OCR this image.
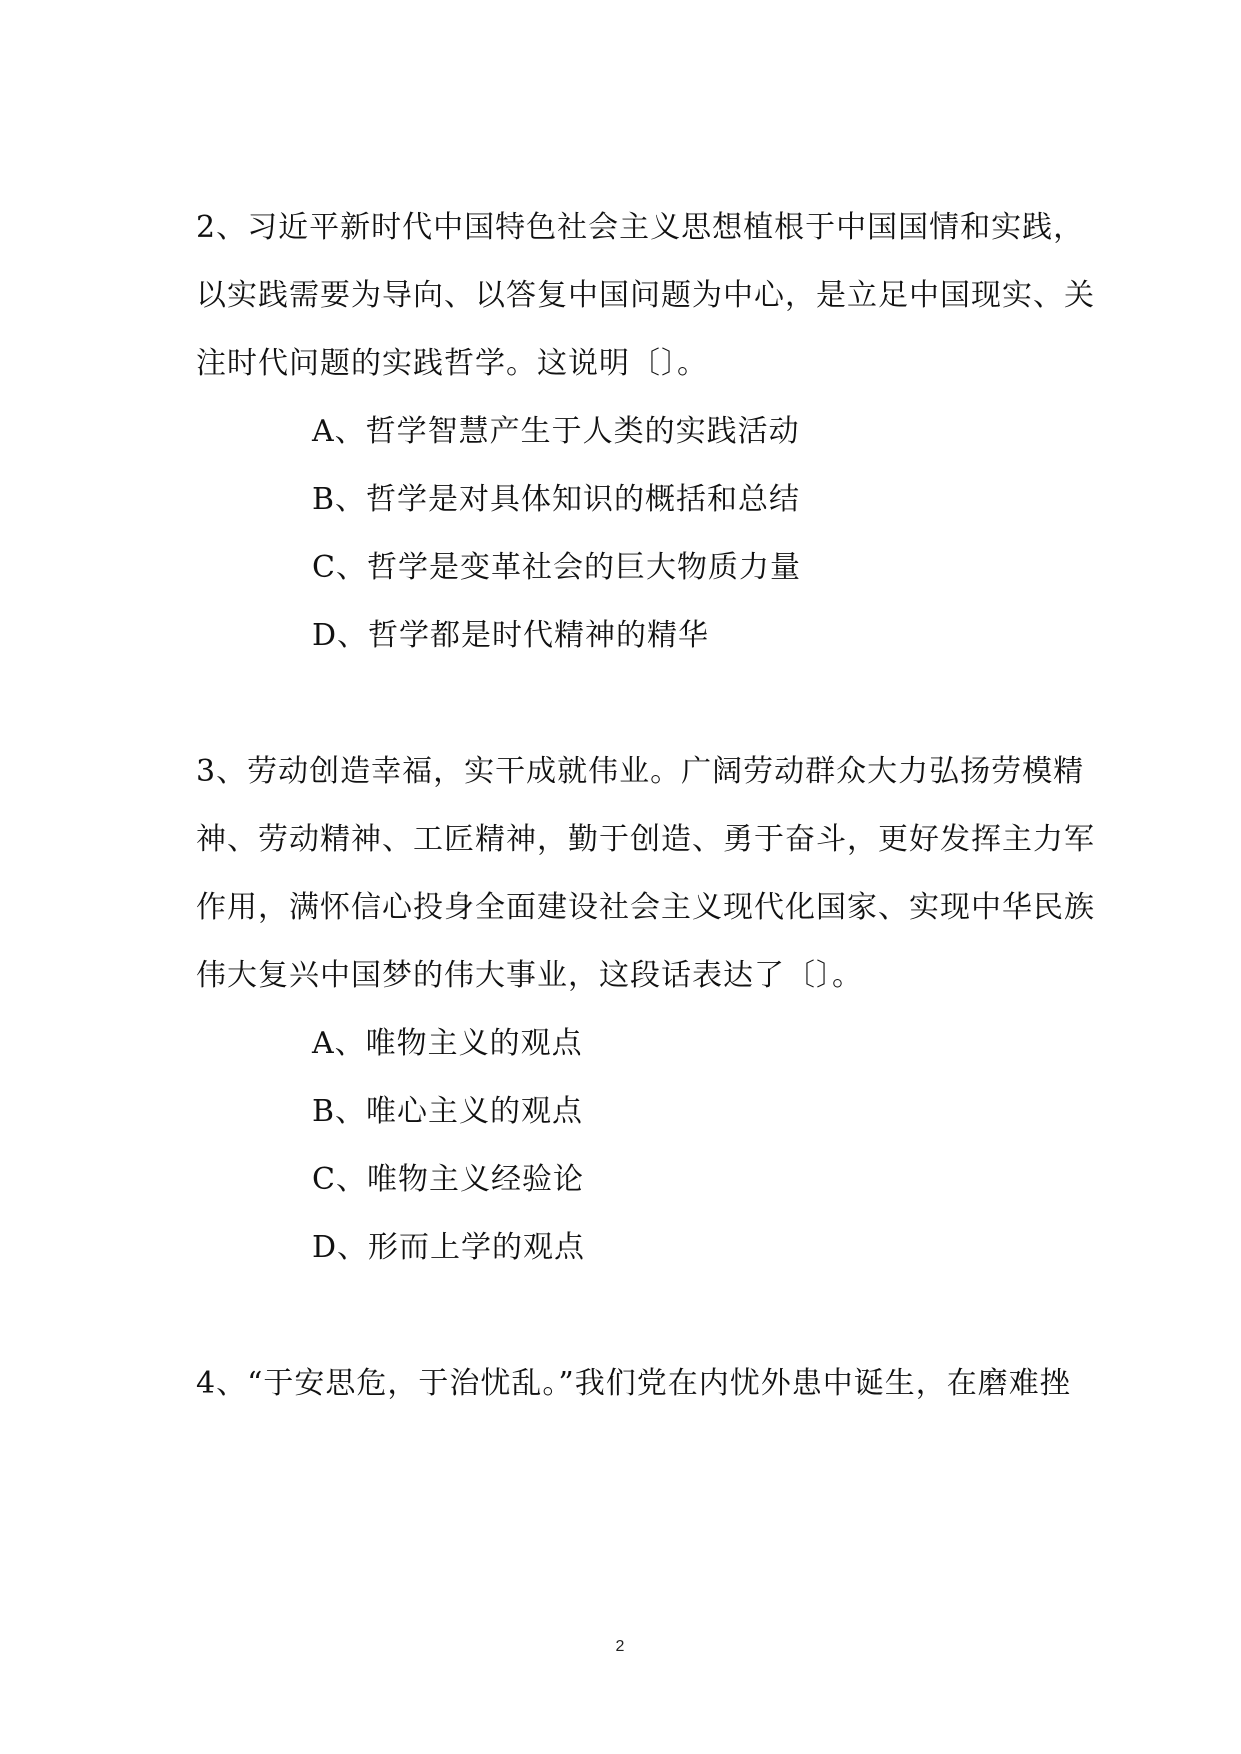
2、习近平新时代中国特色社会主义思想植根于中国国情和实践，
以实践需要为导向、以答复中国问题为中心，是立足中国现实、关
注时代问题的实践哲学。这说明〔〕。
A、哲学智慧产生于人类的实践活动
B、哲学是对具体知识的概括和总结
C、哲学是变革社会的巨大物质力量
D、哲学都是时代精神的精华
3、劳动创造幸福，实干成就伟业。广阔劳动群众大力弘扬劳模精
神、劳动精神、工匠精神，勤于创造、勇于奋斗，更好发挥主力军
作用，满怀信心投身全面建设社会主义现代化国家、实现中华民族
伟大复兴中国梦的伟大事业，这段话表达了〔〕。
A、唯物主义的观点
B、唯心主义的观点
C、唯物主义经验论
D、形而上学的观点
4、“于安思危，于治忧乱。”我们党在内忧外患中诞生，在磨难挫
2
